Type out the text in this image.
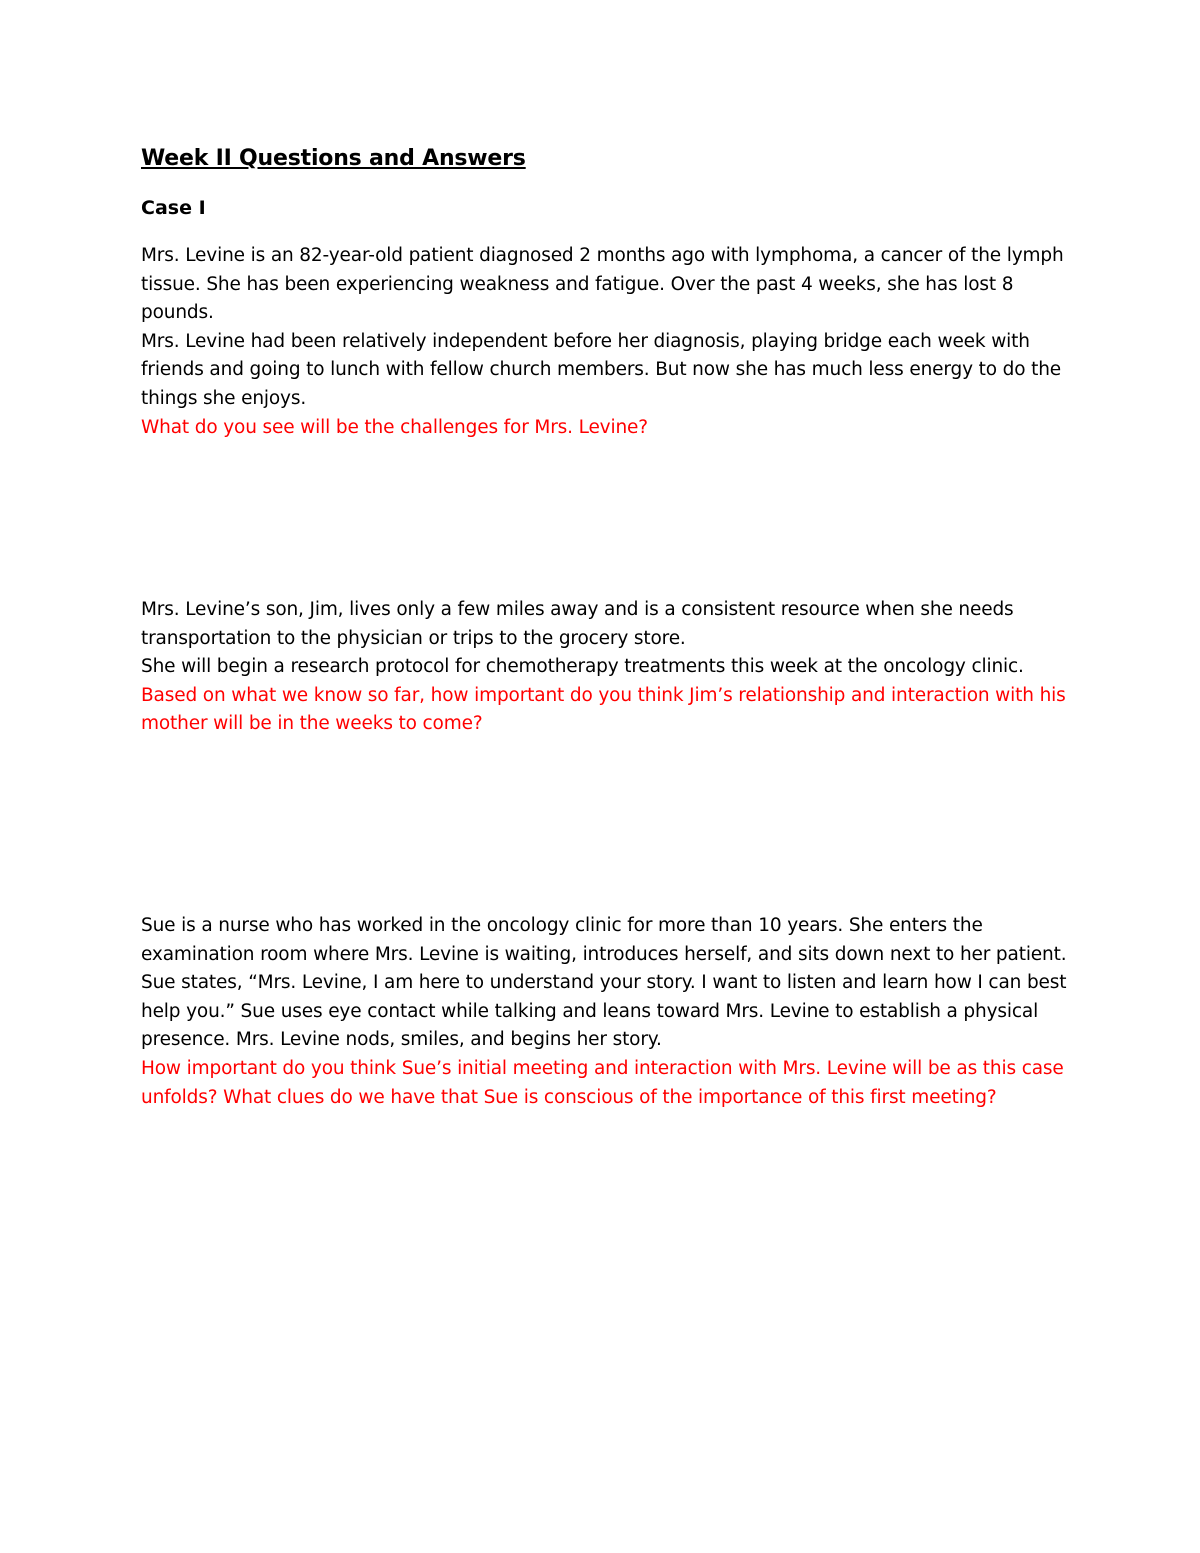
Week II Questions and Answers
Case I

Mrs. Levine is an 82-year-old patient diagnosed 2 months ago with lymphoma, a cancer of the lymph tissue. She has been experiencing weakness and fatigue. Over the past 4 weeks, she has lost 8 pounds.

Mrs. Levine had been relatively independent before her diagnosis, playing bridge each week with friends and going to lunch with fellow church members. But now she has much less energy to do the things she enjoys.

What do you see will be the challenges for Mrs. Levine?

Mrs. Levine’s son, Jim, lives only a few miles away and is a consistent resource when she needs transportation to the physician or trips to the grocery store.

She will begin a research protocol for chemotherapy treatments this week at the oncology clinic.

Based on what we know so far, how important do you think Jim’s relationship and interaction with his mother will be in the weeks to come?

Sue is a nurse who has worked in the oncology clinic for more than 10 years. She enters the examination room where Mrs. Levine is waiting, introduces herself, and sits down next to her patient.

Sue states, “Mrs. Levine, I am here to understand your story. I want to listen and learn how I can best help you.” Sue uses eye contact while talking and leans toward Mrs. Levine to establish a physical presence. Mrs. Levine nods, smiles, and begins her story.

How important do you think Sue’s initial meeting and interaction with Mrs. Levine will be as this case unfolds? What clues do we have that Sue is conscious of the importance of this first meeting?
